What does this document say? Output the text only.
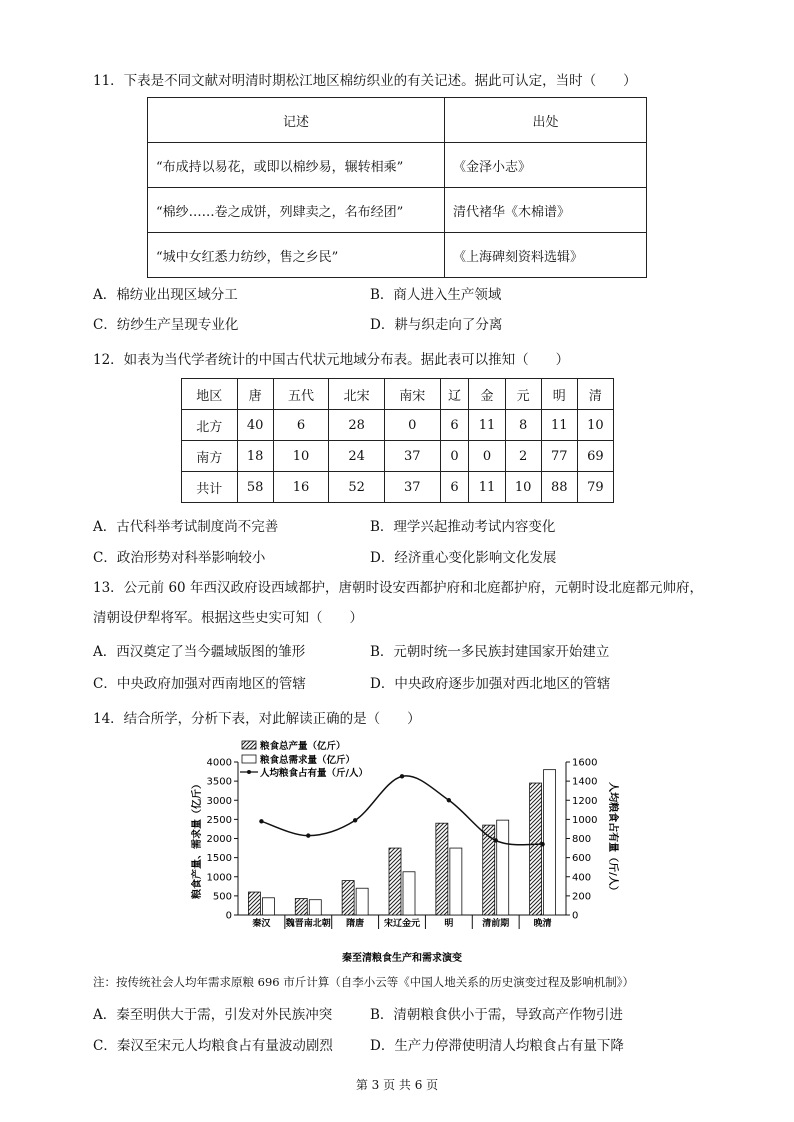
11．下表是不同文献对明清时期松江地区棉纺织业的有关记述。据此可认定，当时（　　）
记述	出处
“布成持以易花，或即以棉纱易，辗转相乘”	《金泽小志》
“棉纱……卷之成饼，列肆卖之，名布经团”	清代褚华《木棉谱》
“城中女红悉力纺纱，售之乡民”	《上海碑刻资料选辑》
A．棉纺业出现区域分工	B．商人进入生产领域
C．纺纱生产呈现专业化	D．耕与织走向了分离
12．如表为当代学者统计的中国古代状元地域分布表。据此表可以推知（　　）
地区	唐	五代	北宋	南宋	辽	金	元	明	清
北方	40	6	28	0	6	11	8	11	10
南方	18	10	24	37	0	0	2	77	69
共计	58	16	52	37	6	11	10	88	79
A．古代科举考试制度尚不完善	B．理学兴起推动考试内容变化
C．政治形势对科举影响较小	D．经济重心变化影响文化发展
13．公元前 60 年西汉政府设西域都护，唐朝时设安西都护府和北庭都护府，元朝时设北庭都元帅府，
清朝设伊犁将军。根据这些史实可知（　　）
A．西汉奠定了当今疆域版图的雏形	B．元朝时统一多民族封建国家开始建立
C．中央政府加强对西南地区的管辖	D．中央政府逐步加强对西北地区的管辖
14．结合所学，分析下表，对此解读正确的是（　　）
0
500
1000
1500
2000
2500
3000
3500
4000
0
200
400
600
800
1000
1200
1400
1600
秦汉 魏晋南北朝 隋唐 宋辽金元	明	清前期	晚清
粮食总产量（亿斤）
粮食总需求量（亿斤）
人均粮食占有量（斤/人）
粮食产量、需求量（亿斤）	人均粮食占有量（斤/人）
秦至清粮食生产和需求演变
注：按传统社会人均年需求原粮 696 市斤计算（自李小云等《中国人地关系的历史演变过程及影响机制》）
A．秦至明供大于需，引发对外民族冲突	B．清朝粮食供小于需，导致高产作物引进
C．秦汉至宋元人均粮食占有量波动剧烈	D．生产力停滞使明清人均粮食占有量下降
第 3 页 共 6 页
